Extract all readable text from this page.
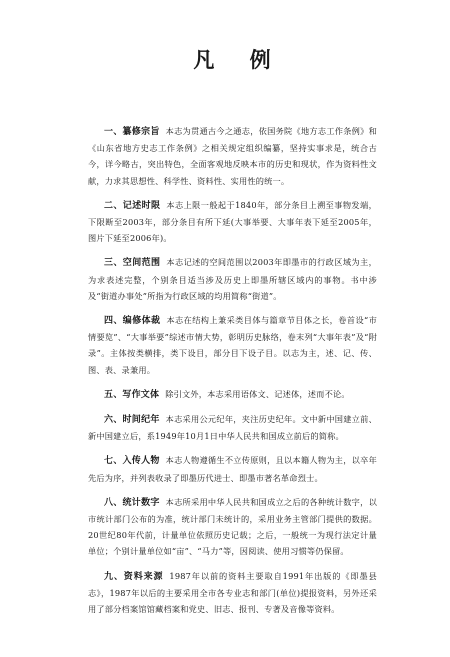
凡 例

一、纂修宗旨 本志为贯通古今之通志，依国务院《地方志工作条例》和《山东省地方史志工作条例》之相关规定组织编纂，坚持实事求是，统合古今，详今略古，突出特色，全面客观地反映本市的历史和现状，作为资料性文献，力求其思想性、科学性、资料性、实用性的统一。

二、记述时限 本志上限一般起于1840年，部分条目上溯至事物发端，下限断至2003年，部分条目有所下延(大事举要、大事年表下延至2005年，图片下延至2006年)。

三、空间范围 本志记述的空间范围以2003年即墨市的行政区域为主，为求表述完整，个别条目适当涉及历史上即墨所辖区域内的事物。书中涉及“街道办事处”所指为行政区域的均用简称“街道”。

四、编修体裁 本志在结构上兼采类目体与篇章节目体之长，卷首设“市情要览”、“大事举要”综述市情大势，彰明历史脉络，卷末列“大事年表”及“附录”。主体按类横排，类下设目，部分目下设子目。以志为主，述、记、传、图、表、录兼用。

五、写作文体 除引文外，本志采用语体文、记述体，述而不论。

六、时间纪年 本志采用公元纪年，夹注历史纪年。文中新中国建立前、新中国建立后，系1949年10月1日中华人民共和国成立前后的简称。

七、入传人物 本志人物遵循生不立传原则，且以本籍人物为主，以卒年先后为序，并列表收录了即墨历代进士、即墨市著名革命烈士。

八、统计数字 本志所采用中华人民共和国成立之后的各种统计数字，以市统计部门公布的为准，统计部门未统计的，采用业务主管部门提供的数据。20世纪80年代前，计量单位依照历史记载；之后，一般统一为现行法定计量单位；个别计量单位如“亩”、“马力”等，因阅读、使用习惯等仍保留。

九、资料来源 1987年以前的资料主要取自1991年出版的《即墨县志》，1987年以后的主要采用全市各专业志和部门(单位)提报资料，另外还采用了部分档案馆馆藏档案和党史、旧志、报刊、专著及音像等资料。
